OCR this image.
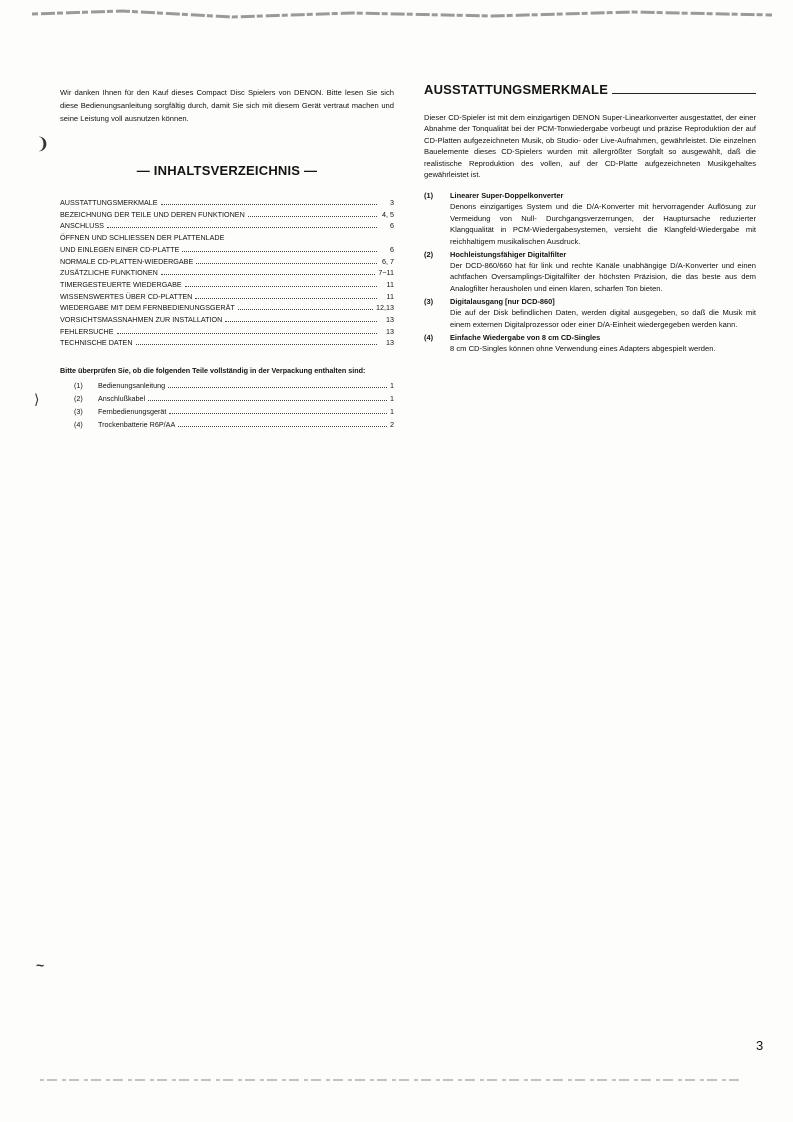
❩
⟩
~

Wir danken Ihnen für den Kauf dieses Compact Disc Spielers von DENON. Bitte lesen Sie sich diese Bedienungsanleitung sorgfältig durch, damit Sie sich mit diesem Gerät vertraut machen und seine Leistung voll ausnutzen können.

— INHALTSVERZEICHNIS —
AUSSTATTUNGSMERKMALE	3
BEZEICHNUNG DER TEILE UND DEREN FUNKTIONEN	4, 5
ANSCHLUSS	6
ÖFFNEN UND SCHLIESSEN DER PLATTENLADE
UND EINLEGEN EINER CD-PLATTE	6
NORMALE CD-PLATTEN-WIEDERGABE	6, 7
ZUSÄTZLICHE FUNKTIONEN	7~11
TIMERGESTEUERTE WIEDERGABE	11
WISSENSWERTES ÜBER CD-PLATTEN	11
WIEDERGABE MIT DEM FERNBEDIENUNGSGERÄT	12,13
VORSICHTSMASSNAHMEN ZUR INSTALLATION	13
FEHLERSUCHE	13
TECHNISCHE DATEN	13

Bitte überprüfen Sie, ob die folgenden Teile vollständig in der Verpackung enthalten sind:

(1)	Bedienungsanleitung	1
(2)	Anschlußkabel	1
(3)	Fernbedienungsgerät	1
(4)	Trockenbatterie R6P/AA	2
AUSSTATTUNGSMERKMALE

Dieser CD-Spieler ist mit dem einzigartigen DENON Super-Linearkonverter ausgestattet, der einer Abnahme der Tonqualität bei der PCM-Tonwiedergabe vorbeugt und präzise Reproduktion der auf CD-Platten aufgezeichneten Musik, ob Studio- oder Live-Aufnahmen, gewährleistet. Die einzelnen Bauelemente dieses CD-Spielers wurden mit allergrößter Sorgfalt so ausgewählt, daß die realistische Reproduktion des vollen, auf der CD-Platte aufgezeichneten Musikgehaltes gewährleistet ist.

(1)	Linearer Super-Doppelkonverter

Denons einzigartiges System und die D/A-Konverter mit hervorragender Auflösung zur Vermeidung von Null- Durchgangsverzerrungen, der Hauptursache reduzierter Klangqualität in PCM-Wiedergabesystemen, versieht die Klangfeld-Wiedergabe mit reichhaltigem musikalischen Ausdruck.

(2)	Hochleistungsfähiger Digitalfilter

Der DCD-860/660 hat für link und rechte Kanäle unabhängige D/A-Konverter und einen achtfachen Oversamplings-Digitalfilter der höchsten Präzision, die das beste aus dem Analogfilter herausholen und einen klaren, scharfen Ton bieten.

(3)	Digitalausgang [nur DCD-860]

Die auf der Disk befindlichen Daten, werden digital ausgegeben, so daß die Musik mit einem externen Digitalprozessor oder einer D/A-Einheit wiedergegeben werden kann.

(4)	Einfache Wiedergabe von 8 cm CD-Singles

8 cm CD-Singles können ohne Verwendung eines Adapters abgespielt werden.

3
